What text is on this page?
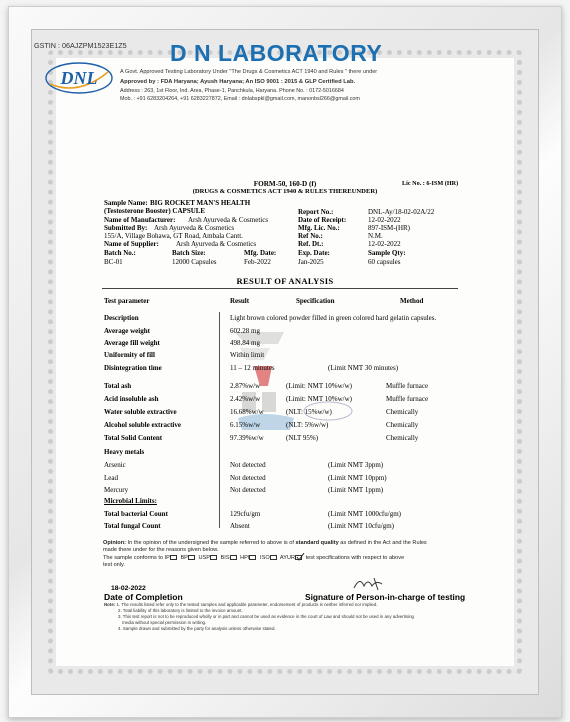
GSTIN : 06AJZPM1523E1Z5
DNL
D N LABORATORY
A Govt. Approved Testing Laboratory Under "The Drugs & Cosmetics ACT 1940 and Rules " there under
Approved by : FDA Haryana; Ayush Haryana; An ISO 9001 : 2015 & GLP Certified Lab.
Address : 263, 1st Floor, Ind. Area, Phase-1, Panchkula, Haryana. Phone No. : 0172-5016684
Mob. : +91 6283204264, +91 6283227872, Email : dnlabspkl@gmail.com, manonbsl266@gmail.com
FORM-50, 160-D (f)
(DRUGS & COSMETICS ACT 1940 & RULES THEREUNDER)
Lic No. : 6-ISM (HR)
Sample Name: BIG ROCKET MAN'S HEALTH
(Testosterone Booster) CAPSULE
Name of Manufacturer: Arsh Ayurveda & Cosmetics
Submitted By: Arsh Ayurveda & Cosmetics
155/A, Village Bohawa, GT Road, Ambala Cantt.
Name of Supplier: Arsh Ayurveda & Cosmetics
Batch No.:	Batch Size:	Mfg. Date:
BC-01	12000 Capsules	Feb-2022
Report No.:	DNL-Ay/18-02-02A/22
Date of Receipt:	12-02-2022
Mfg. Lic. No.:	897-ISM-(HR)
Ref No.:	N.M.
Ref. Dt.:	12-02-2022
Exp. Date:	Sample Qty:
Jan-2025	60 capsules
RESULT OF ANALYSIS
Test parameter	Result	Specification	Method
Description	Light brown colored powder filled in green colored hard gelatin capsules.
Average weight	602.28 mg
Average fill weight	498.84 mg
Uniformity of fill	Within limit
Disintegration time	11 – 12 minutes	(Limit NMT 30 minutes)
Total ash	2.87%w/w	(Limit: NMT 10%w/w)	Muffle furnace
Acid insoluble ash	2.42%w/w	(Limit: NMT 10%w/w)	Muffle furnace
Water soluble extractive	16.68%w/w	(NLT: 15%w/w)	Chemically
Alcohol soluble extractive	6.15%w/w	(NLT: 5%w/w)	Chemically
Total Solid Content	97.39%w/w	(NLT 95%)	Chemically
Heavy metals
Arsenic	Not detected	(Limit NMT 3ppm)
Lead	Not detected	(Limit NMT 10ppm)
Mercury	Not detected	(Limit NMT 1ppm)
Microbial Limits:
Total bacterial Count	129cfu/gm	(Limit NMT 1000cfu/gm)
Total fungal Count	Absent	(Limit NMT 10cfu/gm)
Opinion: In the opinion of the undersigned the sample referred to above is of standard quality as defined in the Act and the Rules
made there under for the reasons given below.
The sample conforms to IP BP USP BIS HPI ISO AYUR test specifications with respect to above
test only.
18-02-2022
Date of Completion	Signature of Person-in-charge of testing
Note: 1. The results listed refer only to the tested samples and applicable parameter, endorsement of products is neither inferred nor implied.
2. Total liability of this laboratory is limited to the invoice amount.
3. This test report is not to be reproduced wholly or in part and cannot be used as evidence in the court of Law and should not be used in any advertising
media without special permission in writing.
4. Sample drawn and submitted by the party for analysis unless otherwise stated.
